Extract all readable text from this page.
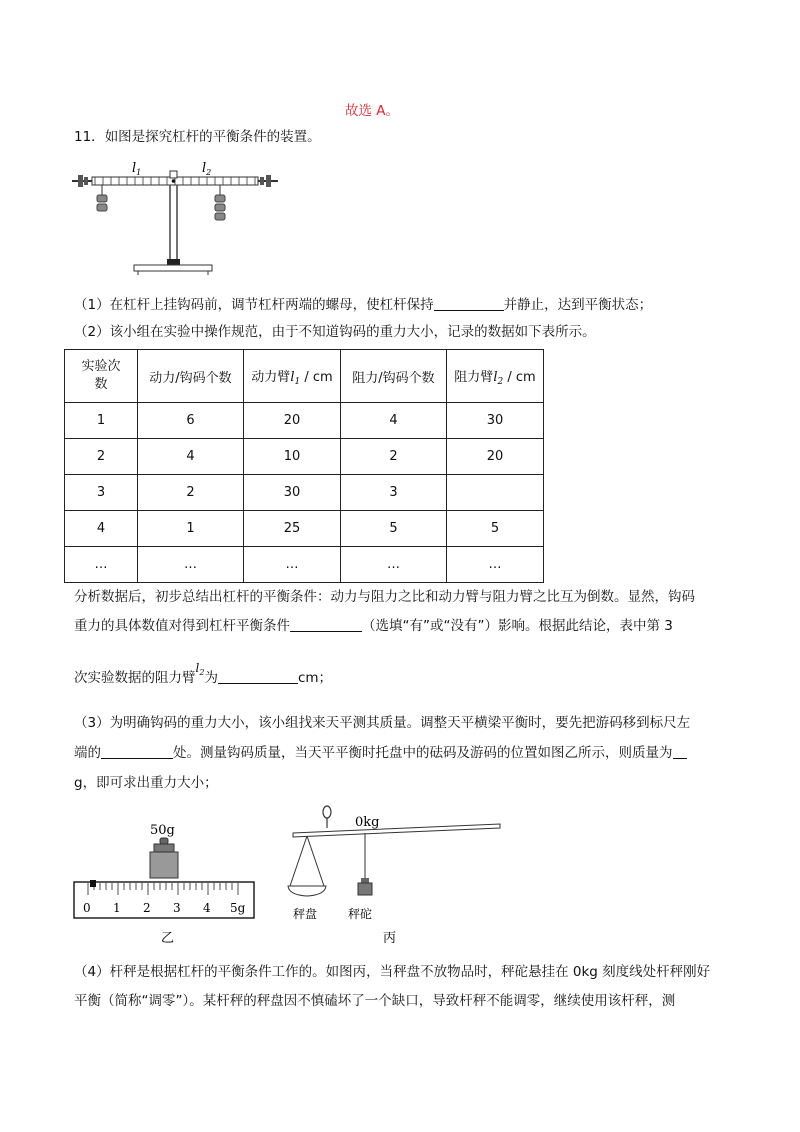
故选 A。
11．如图是探究杠杆的平衡条件的装置。
$l_1$	$l_2$
（1）在杠杆上挂钩码前，调节杠杆两端的螺母，使杠杆保持	并静止，达到平衡状态；
（2）该小组在实验中操作规范，由于不知道钩码的重力大小，记录的数据如下表所示。
实验次数	动力/钩码个数	动力臂$l_1$ / cm	阻力/钩码个数	阻力臂$l_2$ / cm
1	6	20	4	30
2	4	10	2	20
3	2	30	3	
4	1	25	5	5
…	…	…	…	…
分析数据后，初步总结出杠杆的平衡条件：动力与阻力之比和动力臂与阻力臂之比互为倒数。显然，钩码
重力的具体数值对得到杠杆平衡条件	（选填“有”或“没有”）影响。根据此结论，表中第 3
次实验数据的阻力臂$l^2$为	cm；
（3）为明确钩码的重力大小，该小组找来天平测其质量。调整天平横梁平衡时，要先把游码移到标尺左
端的	处。测量钩码质量，当天平平衡时托盘中的砝码及游码的位置如图乙所示，则质量为
g，即可求出重力大小；
50g
0 1 2 3 4 5g
乙
0kg
秤盘	秤砣
丙
（4）杆秤是根据杠杆的平衡条件工作的。如图丙，当秤盘不放物品时，秤砣悬挂在 0kg 刻度线处杆秤刚好
平衡（简称“调零”）。某杆秤的秤盘因不慎磕坏了一个缺口，导致杆秤不能调零，继续使用该杆秤，测
